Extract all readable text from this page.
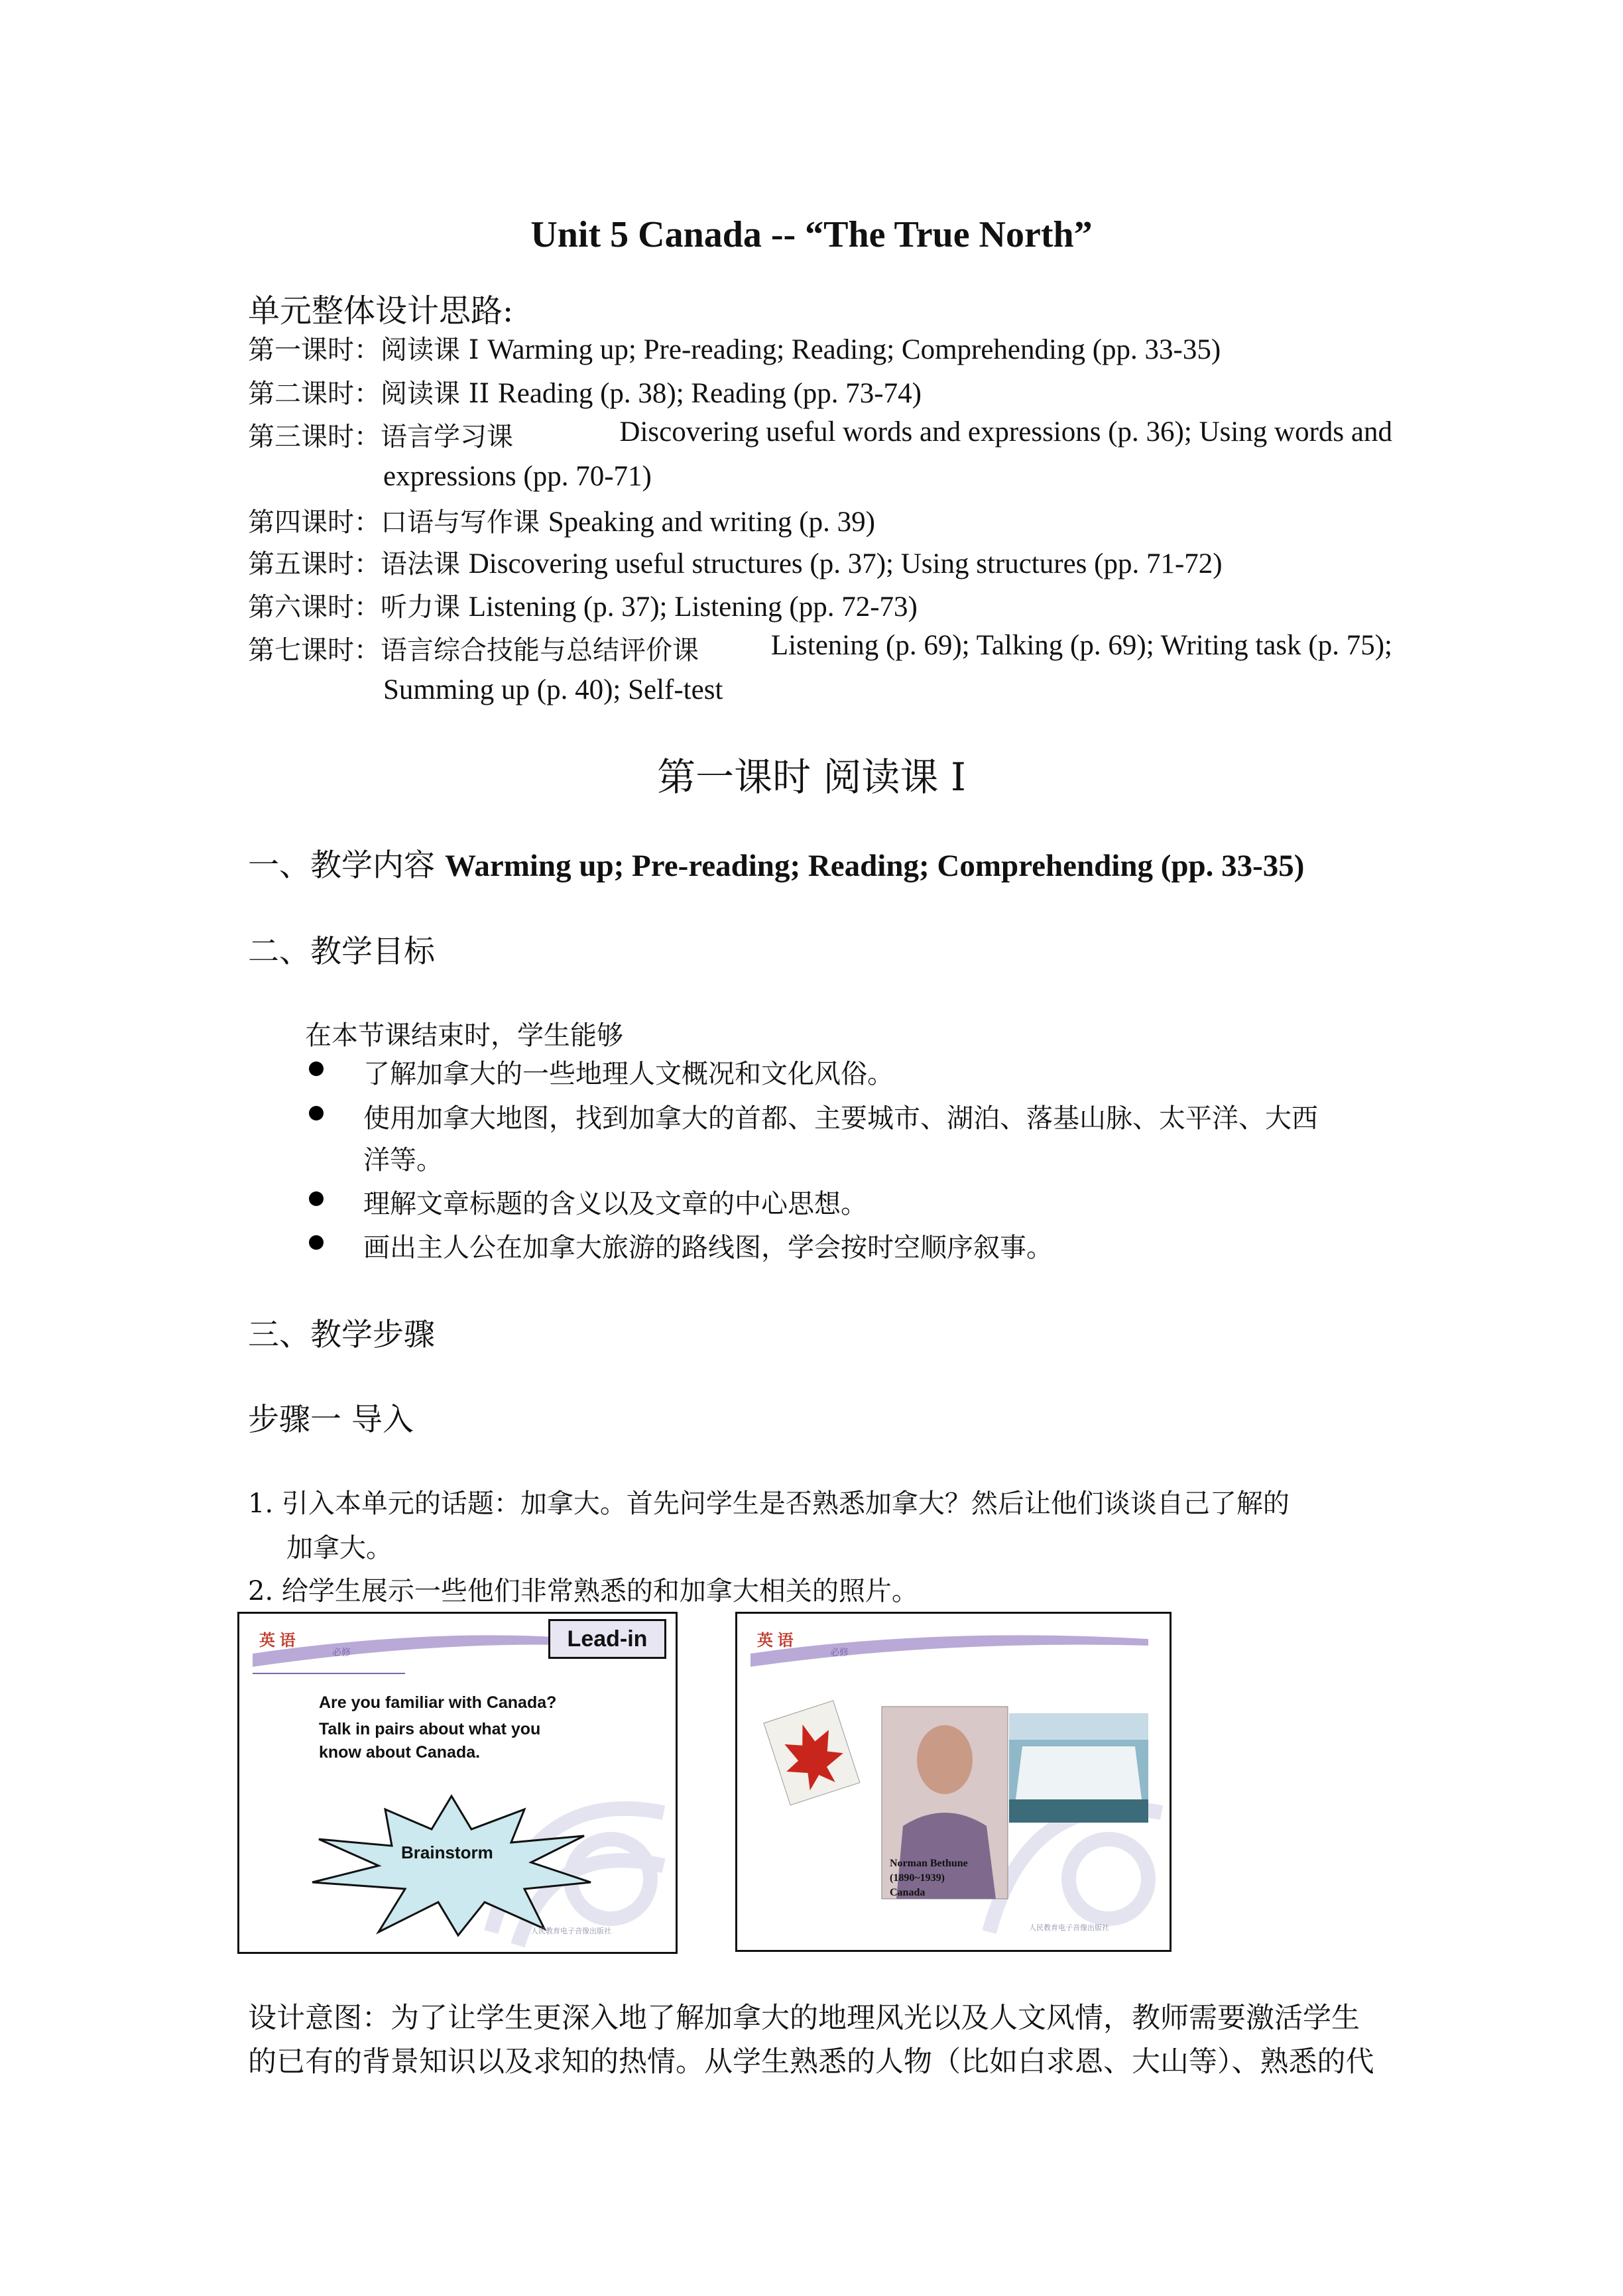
Unit 5 Canada -- “The True North”
单元整体设计思路:
第一课时：阅读课 I Warming up; Pre-reading; Reading; Comprehending (pp. 33-35)
第二课时：阅读课 II Reading (p. 38); Reading (pp. 73-74)
第三课时：语言学习课	Discovering useful words and expressions (p. 36); Using words and
expressions (pp. 70-71)
第四课时：口语与写作课 Speaking and writing (p. 39)
第五课时：语法课 Discovering useful structures (p. 37); Using structures (pp. 71-72)
第六课时：听力课 Listening (p. 37); Listening (pp. 72-73)
第七课时：语言综合技能与总结评价课	Listening (p. 69); Talking (p. 69); Writing task (p. 75);
Summing up (p. 40); Self-test
第一课时 阅读课 I
一、教学内容 Warming up; Pre-reading; Reading; Comprehending (pp. 33-35)
二、教学目标
在本节课结束时，学生能够
了解加拿大的一些地理人文概况和文化风俗。
使用加拿大地图，找到加拿大的首都、主要城市、湖泊、落基山脉、太平洋、大西
洋等。
理解文章标题的含义以及文章的中心思想。
画出主人公在加拿大旅游的路线图，学会按时空顺序叙事。
三、教学步骤
步骤一 导入
1. 引入本单元的话题：加拿大。首先问学生是否熟悉加拿大？然后让他们谈谈自己了解的
加拿大。
2. 给学生展示一些他们非常熟悉的和加拿大相关的照片。
英 语
必修
Lead-in
Are you familiar with Canada?
Talk in pairs about what you
know about Canada.
Brainstorm
人民教育电子音像出版社
英 语
必修
Norman Bethune
(1890~1939)
Canada
人民教育电子音像出版社
设计意图：为了让学生更深入地了解加拿大的地理风光以及人文风情，教师需要激活学生
的已有的背景知识以及求知的热情。从学生熟悉的人物（比如白求恩、大山等）、熟悉的代
